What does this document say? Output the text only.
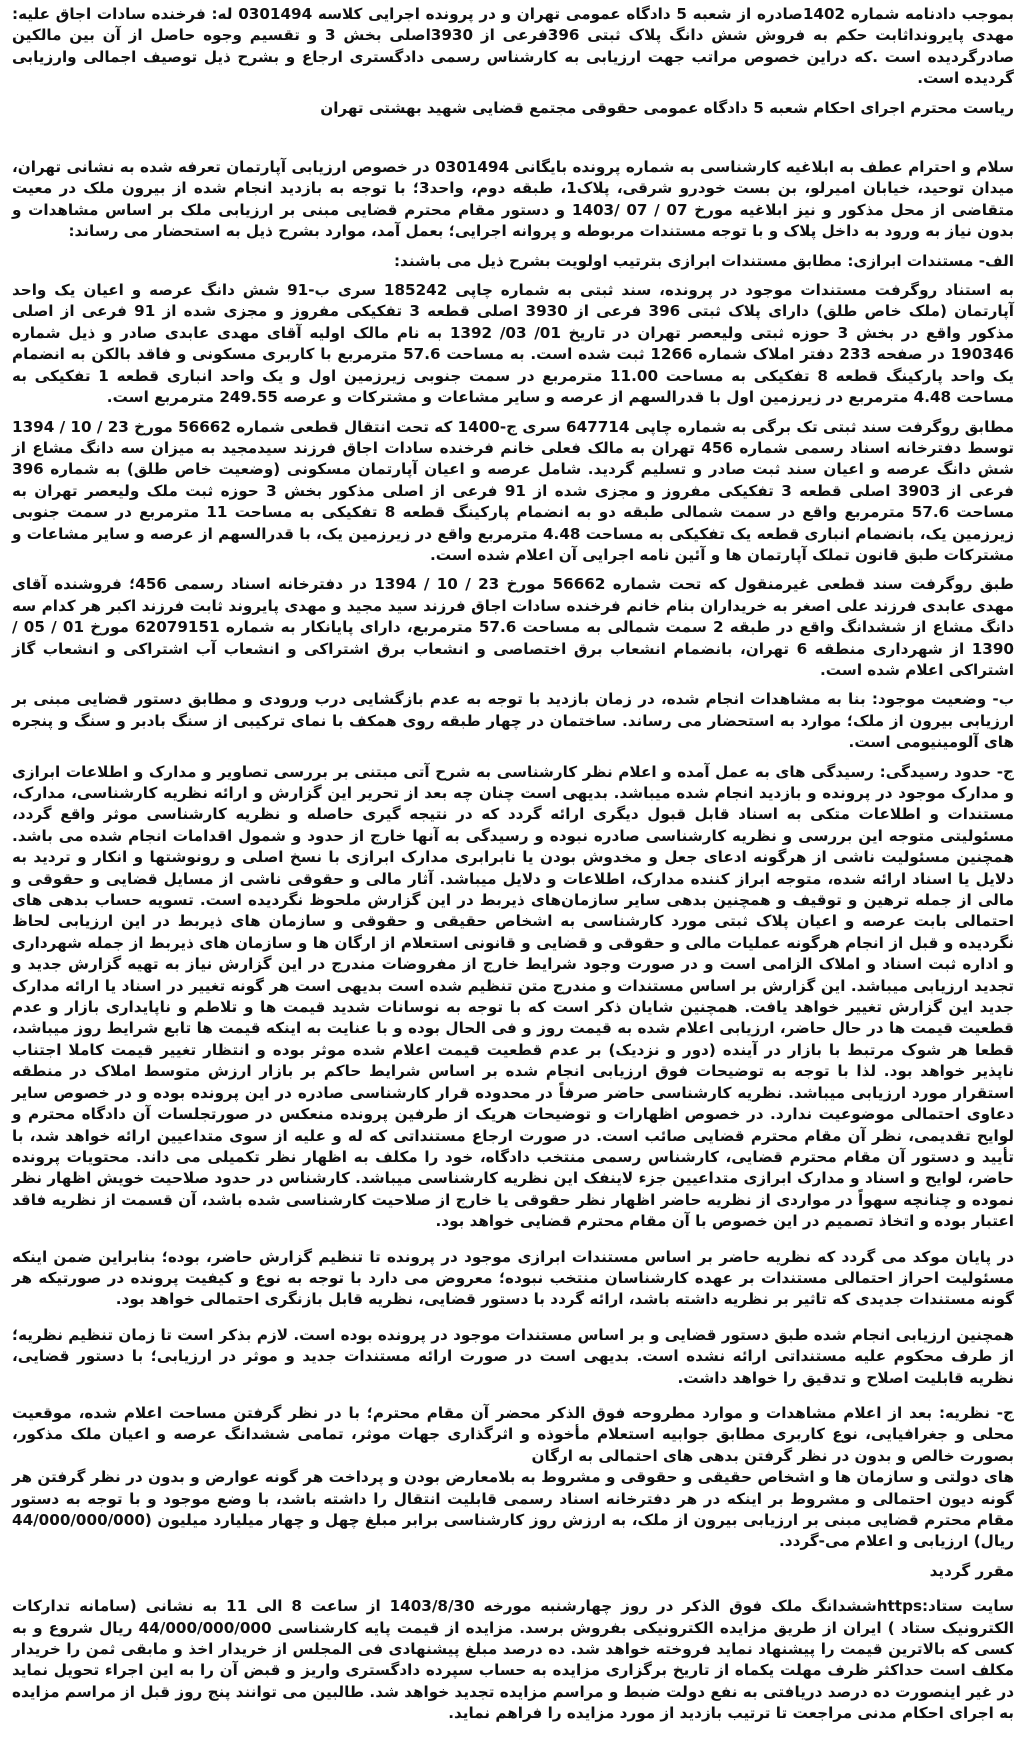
بموجب دادنامه شماره 1402صادره از شعبه 5 دادگاه عمومی تهران و در پرونده اجرایی کلاسه 0301494 له: فرخنده سادات اجاق علیه: مهدی پایرونداثابت حکم به فروش شش دانگ پلاک ثبتی 396فرعی از 3930اصلی بخش 3 و تقسیم وجوه حاصل از آن بین مالکین صادرگردیده است .که دراین خصوص مراتب جهت ارزیابی به کارشناس رسمی دادگستری ارجاع و بشرح ذیل توصیف اجمالی وارزیابی گردیده است.

ریاست محترم اجرای احکام شعبه 5 دادگاه عمومی حقوقی مجتمع قضایی شهید بهشتی تهران

سلام و احترام عطف به ابلاغیه کارشناسی به شماره پرونده بایگانی 0301494 در خصوص ارزیابی آپارتمان تعرفه شده به نشانی تهران، میدان توحید، خیابان امیرلو، بن بست خودرو شرقی، پلاک1، طبقه دوم، واحد3؛ با توجه به بازدید انجام شده از بیرون ملک در معیت متقاضی از محل مذکور و نیز ابلاغیه مورخ 07 / 07 /1403 و دستور مقام محترم قضایی مبنی بر ارزیابی ملک بر اساس مشاهدات و بدون نیاز به ورود به داخل پلاک و با توجه مستندات مربوطه و پروانه اجرایی؛ بعمل آمد، موارد بشرح ذیل به استحضار می رساند:

الف- مستندات ابرازی: مطابق مستندات ابرازی بترتیب اولویت بشرح ذیل می باشند:

به استناد روگرفت مستندات موجود در پرونده، سند ثبتی به شماره چاپی 185242 سری ب-91 شش دانگ عرصه و اعیان یک واحد آپارتمان (ملک خاص طلق) دارای پلاک ثبتی 396 فرعی از 3930 اصلی قطعه 3 تفکیکی مفروز و مجزی شده از 91 فرعی از اصلی مذکور واقع در بخش 3 حوزه ثبتی ولیعصر تهران در تاریخ 01/ 03/ 1392 به نام مالک اولیه آقای مهدی عابدی صادر و ذیل شماره 190346 در صفحه 233 دفتر املاک شماره 1266 ثبت شده است. به مساحت 57.6 مترمربع با کاربری مسکونی و فاقد بالکن به انضمام یک واحد پارکینگ قطعه 8 تفکیکی به مساحت 11.00 مترمربع در سمت جنوبی زیرزمین اول و یک واحد انباری قطعه 1 تفکیکی به مساحت 4.48 مترمربع در زیرزمین اول با قدرالسهم از عرصه و سایر مشاعات و مشترکات و عرصه 249.55 مترمربع است.

مطابق روگرفت سند ثبتی تک برگی به شماره چاپی 647714 سری ج-1400 که تحت انتقال قطعی شماره 56662 مورخ 23 / 10 / 1394 توسط دفترخانه اسناد رسمی شماره 456 تهران به مالک فعلی خانم فرخنده سادات اجاق فرزند سیدمجید به میزان سه دانگ مشاع از شش دانگ عرصه و اعیان سند ثبت صادر و تسلیم گردید. شامل عرصه و اعیان آپارتمان مسکونی (وضعیت خاص طلق) به شماره 396 فرعی از 3903 اصلی قطعه 3 تفکیکی مفروز و مجزی شده از 91 فرعی از اصلی مذکور بخش 3 حوزه ثبت ملک ولیعصر تهران به مساحت 57.6 مترمربع واقع در سمت شمالی طبقه دو به انضمام پارکینگ قطعه 8 تفکیکی به مساحت 11 مترمربع در سمت جنوبی زیرزمین یک، بانضمام انباری قطعه یک تفکیکی به مساحت 4.48 مترمربع واقع در زیرزمین یک، با قدرالسهم از عرصه و سایر مشاعات و مشترکات طبق قانون تملک آپارتمان ها و آئین نامه اجرایی آن اعلام شده است.

طبق روگرفت سند قطعی غیرمنقول که تحت شماره 56662 مورخ 23 / 10 / 1394 در دفترخانه اسناد رسمی 456؛ فروشنده آقای مهدی عابدی فرزند علی اصغر به خریداران بنام خانم فرخنده سادات اجاق فرزند سید مجید و مهدی پایروند ثابت فرزند اکبر هر کدام سه دانگ مشاع از ششدانگ واقع در طبقه 2 سمت شمالی به مساحت 57.6 مترمربع، دارای پایانکار به شماره 62079151 مورخ 01 / 05 / 1390 از شهرداری منطقه 6 تهران، بانضمام انشعاب برق اختصاصی و انشعاب برق اشتراکی و انشعاب آب اشتراکی و انشعاب گاز اشتراکی اعلام شده است.

ب- وضعیت موجود: بنا به مشاهدات انجام شده، در زمان بازدید با توجه به عدم بازگشایی درب ورودی و مطابق دستور قضایی مبنی بر ارزیابی بیرون از ملک؛ موارد به استحضار می رساند. ساختمان در چهار طبقه روی همکف با نمای ترکیبی از سنگ بادبر و سنگ و پنجره های آلومینیومی است.

ج- حدود رسیدگی: رسیدگی های به عمل آمده و اعلام نظر کارشناسی به شرح آتی مبتنی بر بررسی تصاویر و مدارک و اطلاعات ابرازی و مدارک موجود در پرونده و بازدید انجام شده میباشد. بدیهی است چنان چه بعد از تحریر این گزارش و ارائه نظریه کارشناسی، مدارک، مستندات و اطلاعات متکی به اسناد قابل قبول دیگری ارائه گردد که در نتیجه گیری حاصله و نظریه کارشناسی موثر واقع گردد، مسئولیتی متوجه این بررسی و نظریه کارشناسی صادره نبوده و رسیدگی به آنها خارج از حدود و شمول اقدامات انجام شده می باشد. همچنین مسئولیت ناشی از هرگونه ادعای جعل و مخدوش بودن یا نابرابری مدارک ابرازی با نسخ اصلی و رونوشتها و انکار و تردید به دلایل یا اسناد ارائه شده، متوجه ابراز کننده مدارک، اطلاعات و دلایل میباشد. آثار مالی و حقوقی ناشی از مسایل قضایی و حقوقی و مالی از جمله ترهین و توقیف و همچنین بدهی سایر سازمان‌های ذیربط در این گزارش ملحوظ نگردیده است. تسویه حساب بدهی های احتمالی بابت عرصه و اعیان پلاک ثبتی مورد کارشناسی به اشخاص حقیقی و حقوقی و سازمان های ذیربط در این ارزیابی لحاظ نگردیده و قبل از انجام هرگونه عملیات مالی و حقوقی و قضایی و قانونی استعلام از ارگان ها و سازمان های ذیربط از جمله شهرداری و اداره ثبت اسناد و املاک الزامی است و در صورت وجود شرایط خارج از مفروضات مندرج در این گزارش نیاز به تهیه گزارش جدید و تجدید ارزیابی میباشد. این گزارش بر اساس مستندات و مندرج متن تنظیم شده است بدیهی است هر گونه تغییر در اسناد یا ارائه مدارک جدید این گزارش تغییر خواهد یافت. همچنین شایان ذکر است که با توجه به نوسانات شدید قیمت ها و تلاطم و ناپایداری بازار و عدم قطعیت قیمت ها در حال حاضر، ارزیابی اعلام شده به قیمت روز و فی الحال بوده و با عنایت به اینکه قیمت ها تابع شرایط روز میباشد، قطعا هر شوک مرتبط با بازار در آینده (دور و نزدیک) بر عدم قطعیت قیمت اعلام شده موثر بوده و انتظار تغییر قیمت کاملا اجتناب ناپذیر خواهد بود. لذا با توجه به توضیحات فوق ارزیابی انجام شده بر اساس شرایط حاکم بر بازار ارزش متوسط املاک در منطقه استقرار مورد ارزیابی میباشد. نظریه کارشناسی حاضر صرفاً در محدوده قرار کارشناسی صادره در این پرونده بوده و در خصوص سایر دعاوی احتمالی موضوعیت ندارد. در خصوص اظهارات و توضیحات هریک از طرفین پرونده منعکس در صورتجلسات آن دادگاه محترم و لوایح تقدیمی، نظر آن مقام محترم قضایی صائب است. در صورت ارجاع مستنداتی که له و علیه از سوی متداعیین ارائه خواهد شد، با تأیید و دستور آن مقام محترم قضایی، کارشناس رسمی منتخب دادگاه، خود را مکلف به اظهار نظر تکمیلی می داند. محتویات پرونده حاضر، لوایح و اسناد و مدارک ابرازی متداعیین جزء لاینفک این نظریه کارشناسی میباشد. کارشناس در حدود صلاحیت خویش اظهار نظر نموده و چنانچه سهواً در مواردی از نظریه حاضر اظهار نظر حقوقی یا خارج از صلاحیت کارشناسی شده باشد، آن قسمت از نظریه فاقد اعتبار بوده و اتخاذ تصمیم در این خصوص با آن مقام محترم قضایی خواهد بود.

در پایان موکد می گردد که نظریه حاضر بر اساس مستندات ابرازی موجود در پرونده تا تنظیم گزارش حاضر، بوده؛ بنابراین ضمن اینکه مسئولیت احراز احتمالی مستندات بر عهده کارشناسان منتخب نبوده؛ معروض می دارد با توجه به نوع و کیفیت پرونده در صورتیکه هر گونه مستندات جدیدی که تاثیر بر نظریه داشته باشد، ارائه گردد با دستور قضایی، نظریه قابل بازنگری احتمالی خواهد بود.

همچنین ارزیابی انجام شده طبق دستور قضایی و بر اساس مستندات موجود در پرونده بوده است. لازم بذکر است تا زمان تنظیم نظریه؛ از طرف محکوم علیه مستنداتی ارائه نشده است. بدیهی است در صورت ارائه مستندات جدید و موثر در ارزیابی؛ با دستور قضایی، نظریه قابلیت اصلاح و تدقیق را خواهد داشت.

ج- نظریه: بعد از اعلام مشاهدات و موارد مطروحه فوق الذکر محضر آن مقام محترم؛ با در نظر گرفتن مساحت اعلام شده، موقعیت محلی و جغرافیایی، نوع کاربری مطابق جوابیه استعلام مأخوذه و اثرگذاری جهات موثر، تمامی ششدانگ عرصه و اعیان ملک مذکور، بصورت خالص و بدون در نظر گرفتن بدهی های احتمالی به ارگان

های دولتی و سازمان ها و اشخاص حقیقی و حقوقی و مشروط به بلامعارض بودن و پرداخت هر گونه عوارض و بدون در نظر گرفتن هر گونه دیون احتمالی و مشروط بر اینکه در هر دفترخانه اسناد رسمی قابلیت انتقال را داشته باشد، با وضع موجود و با توجه به دستور مقام محترم قضایی مبنی بر ارزیابی بیرون از ملک، به ارزش روز کارشناسی برابر مبلغ چهل و چهار میلیارد میلیون (44/000/000/000 ریال) ارزیابی و اعلام می-گردد.

مقرر گردید

سایت ستاد:httpsششدانگ ملک فوق الذکر در روز چهارشنبه مورخه 1403/8/30 از ساعت 8 الی 11 به نشانی (سامانه تدارکات الکترونیک ستاد ) ایران از طریق مزایده الکترونیکی بفروش برسد. مزایده از قیمت پایه کارشناسی 44/000/000/000 ریال شروع و به کسی که بالاترین قیمت را پیشنهاد نماید فروخته خواهد شد. ده درصد مبلغ پیشنهادی فی المجلس از خریدار اخذ و مابقی ثمن را خریدار مکلف است حداکثر ظرف مهلت یکماه از تاریخ برگزاری مزایده به حساب سپرده دادگستری واریز و قبض آن را به این اجراء تحویل نماید در غیر اینصورت ده درصد دریافتی به نفع دولت ضبط و مراسم مزایده تجدید خواهد شد. طالبین می توانند پنج روز قبل از مراسم مزایده به اجرای احکام مدنی مراجعت تا ترتیب بازدید از مورد مزایده را فراهم نماید.
